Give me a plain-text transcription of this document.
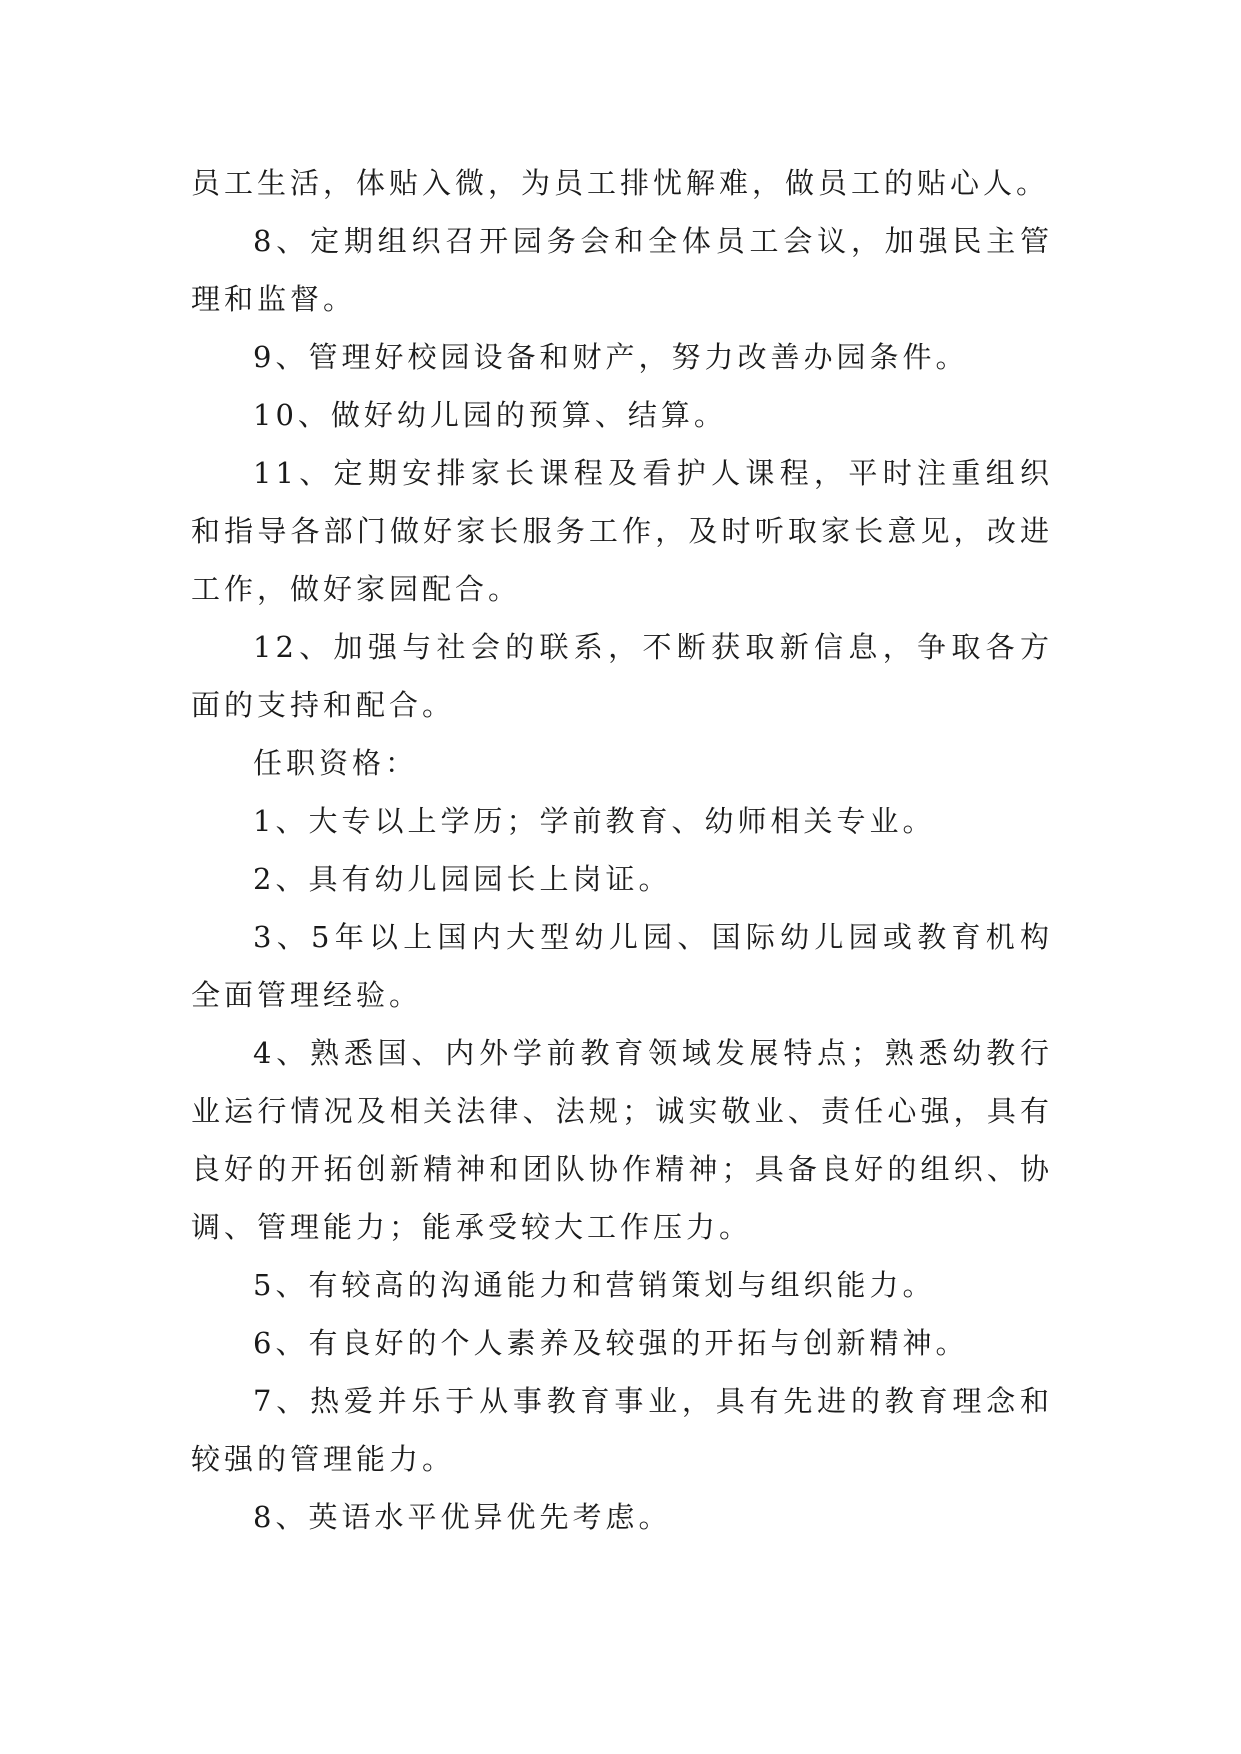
员工生活，体贴入微，为员工排忧解难，做员工的贴心人。

8、定期组织召开园务会和全体员工会议，加强民主管理和监督。

9、管理好校园设备和财产，努力改善办园条件。

10、做好幼儿园的预算、结算。

11、定期安排家长课程及看护人课程，平时注重组织和指导各部门做好家长服务工作，及时听取家长意见，改进工作，做好家园配合。

12、加强与社会的联系，不断获取新信息，争取各方面的支持和配合。

任职资格：

1、大专以上学历；学前教育、幼师相关专业。

2、具有幼儿园园长上岗证。

3、5年以上国内大型幼儿园、国际幼儿园或教育机构全面管理经验。

4、熟悉国、内外学前教育领域发展特点；熟悉幼教行业运行情况及相关法律、法规；诚实敬业、责任心强，具有良好的开拓创新精神和团队协作精神；具备良好的组织、协调、管理能力；能承受较大工作压力。

5、有较高的沟通能力和营销策划与组织能力。

6、有良好的个人素养及较强的开拓与创新精神。

7、热爱并乐于从事教育事业，具有先进的教育理念和较强的管理能力。

8、英语水平优异优先考虑。
